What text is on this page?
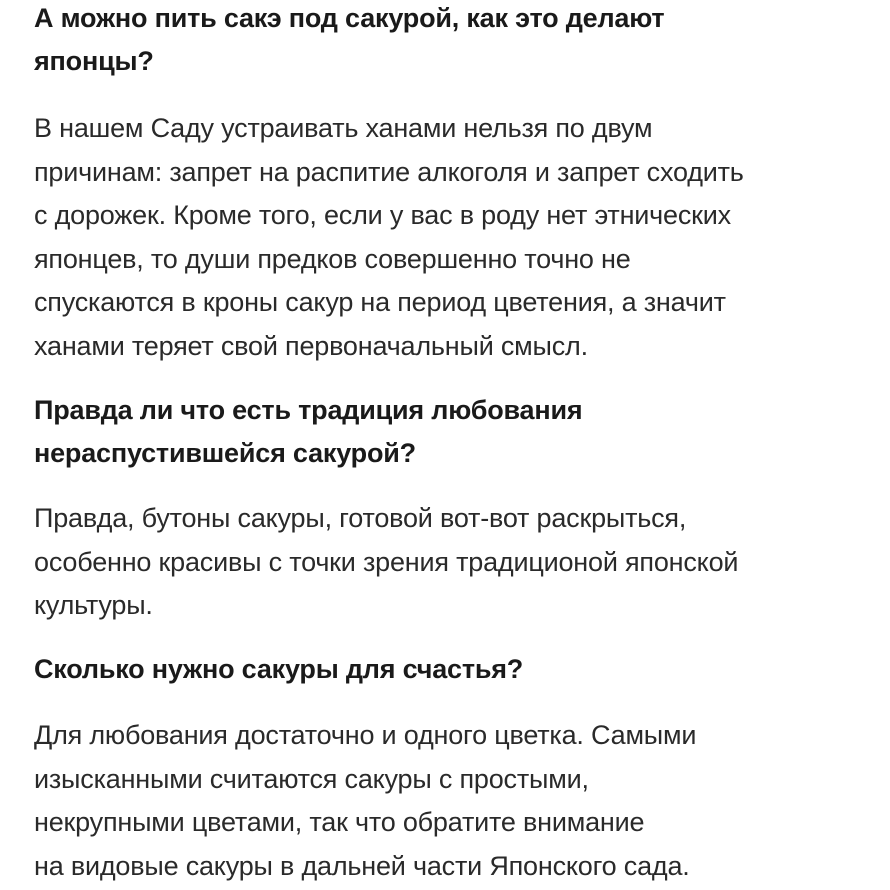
А можно пить сакэ под сакурой, как это делают
японцы?

В нашем Саду устраивать ханами нельзя по двум
причинам: запрет на распитие алкоголя и запрет сходить
с дорожек. Кроме того, если у вас в роду нет этнических
японцев, то души предков совершенно точно не
спускаются в кроны сакур на период цветения, а значит
ханами теряет свой первоначальный смысл.

Правда ли что есть традиция любования
нераспустившейся сакурой?

Правда, бутоны сакуры, готовой вот-вот раскрыться,
особенно красивы с точки зрения традиционой японской
культуры.

Сколько нужно сакуры для счастья?

Для любования достаточно и одного цветка. Самыми
изысканными считаются сакуры с простыми,
некрупными цветами, так что обратите внимание
на видовые сакуры в дальней части Японского сада.
